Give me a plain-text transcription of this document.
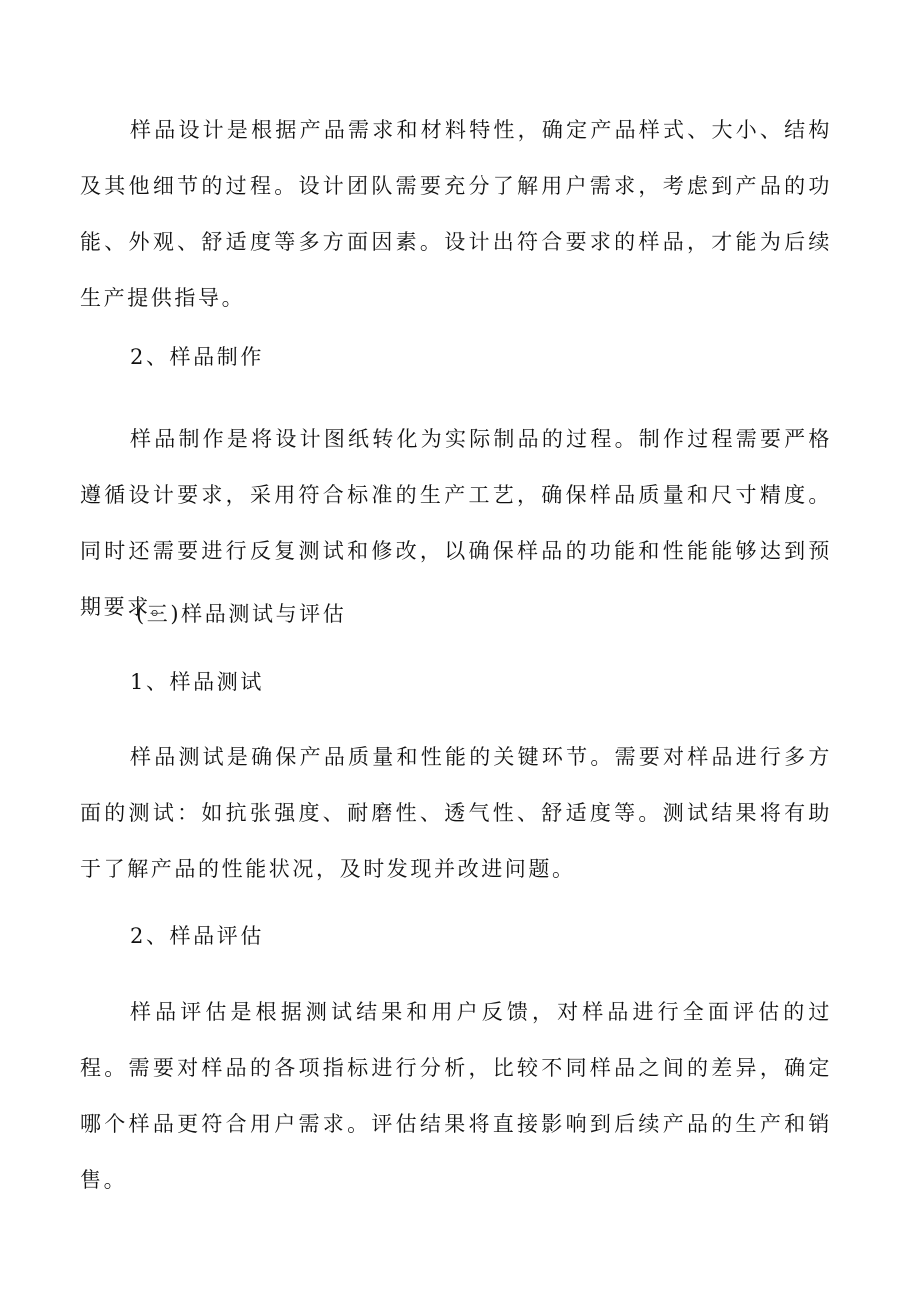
样品设计是根据产品需求和材料特性，确定产品样式、大小、结构及其他细节的过程。设计团队需要充分了解用户需求，考虑到产品的功能、外观、舒适度等多方面因素。设计出符合要求的样品，才能为后续生产提供指导。

2、样品制作

样品制作是将设计图纸转化为实际制品的过程。制作过程需要严格遵循设计要求，采用符合标准的生产工艺，确保样品质量和尺寸精度。同时还需要进行反复测试和修改，以确保样品的功能和性能能够达到预期要求。

(三)样品测试与评估
1、样品测试

样品测试是确保产品质量和性能的关键环节。需要对样品进行多方面的测试：如抗张强度、耐磨性、透气性、舒适度等。测试结果将有助于了解产品的性能状况，及时发现并改进问题。

2、样品评估

样品评估是根据测试结果和用户反馈，对样品进行全面评估的过程。需要对样品的各项指标进行分析，比较不同样品之间的差异，确定哪个样品更符合用户需求。评估结果将直接影响到后续产品的生产和销售。
